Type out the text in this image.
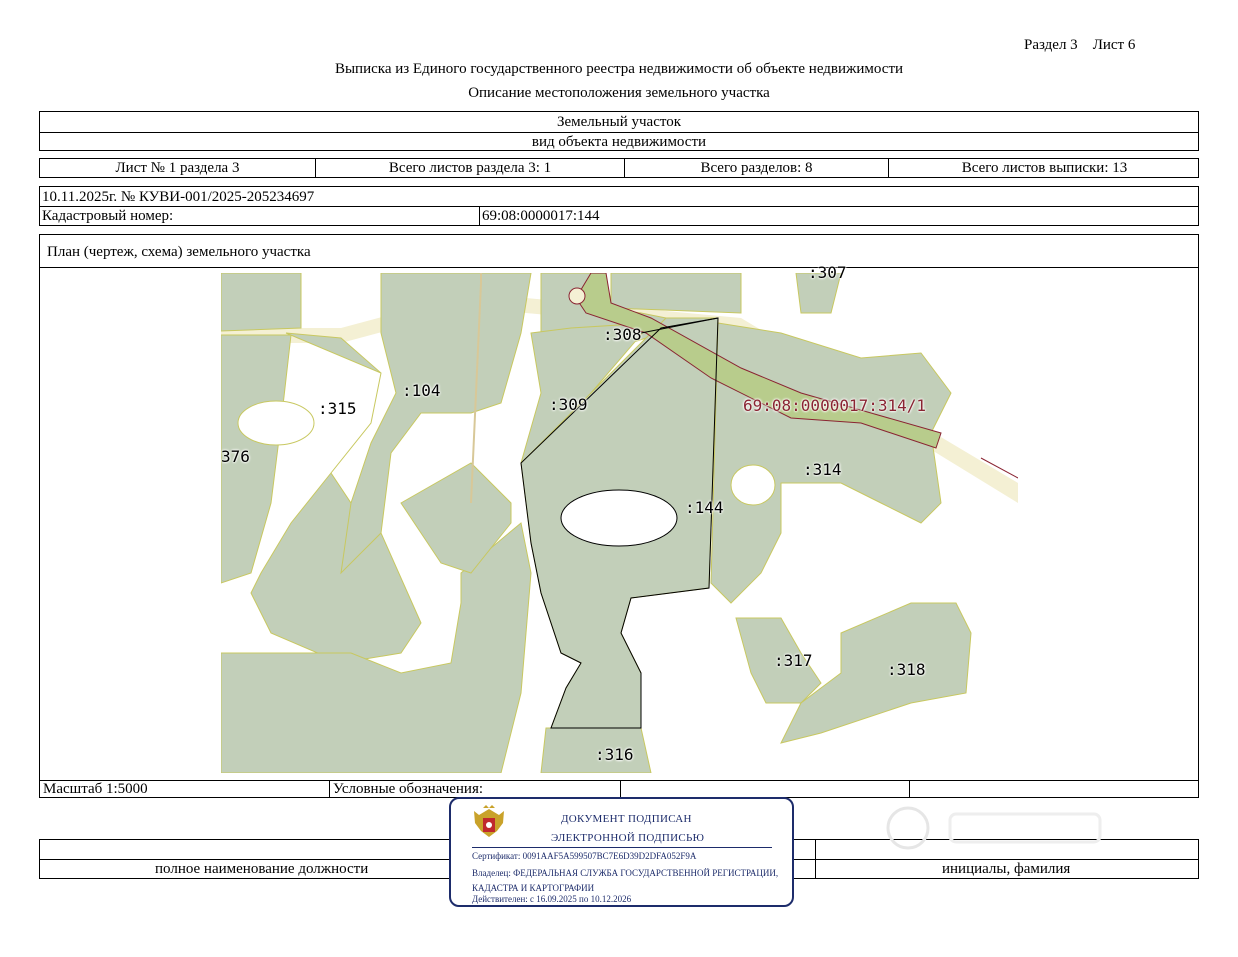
Раздел 3 Лист 6
Выписка из Единого государственного реестра недвижимости об объекте недвижимости
Описание местоположения земельного участка
Земельный участок
вид объекта недвижимости
Лист № 1 раздела 3	Всего листов раздела 3: 1	Всего разделов: 8	Всего листов выписки: 13
10.11.2025г. № КУВИ-001/2025-205234697
Кадастровый номер:	69:08:0000017:144
План (чертеж, схема) земельного участка
:307
:308
:104
:315	:309
376
69:08:0000017:314/1
:314
:144
:317	:318
:316
Масштаб 1:5000	Условные обозначения:
полное наименование должности	инициалы, фамилия
ДОКУМЕНТ ПОДПИСАН
ЭЛЕКТРОННОЙ ПОДПИСЬЮ
Сертификат: 0091AAF5A599507BC7E6D39D2DFA052F9A
Владелец: ФЕДЕРАЛЬНАЯ СЛУЖБА ГОСУДАРСТВЕННОЙ РЕГИСТРАЦИИ, КАДАСТРА И КАРТОГРАФИИ
Действителен: с 16.09.2025 по 10.12.2026
